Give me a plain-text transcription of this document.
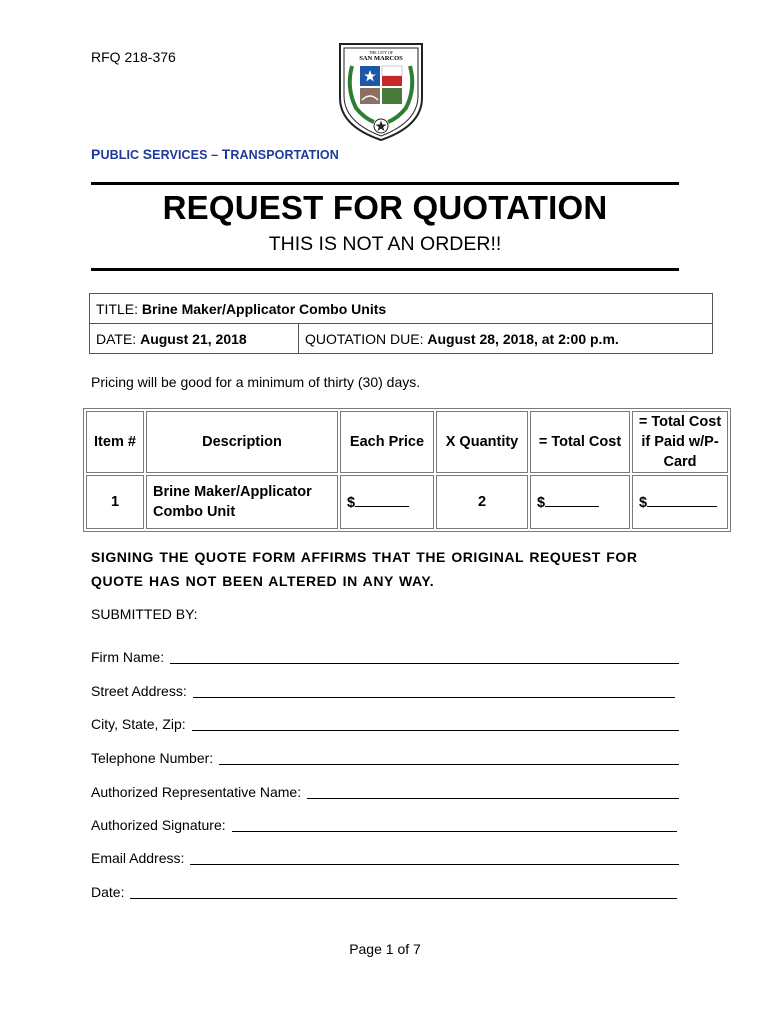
RFQ 218-376	THE CITY OF
SAN MARCOS
PUBLIC SERVICES – TRANSPORTATION
REQUEST FOR QUOTATION
THIS IS NOT AN ORDER!!
TITLE: Brine Maker/Applicator Combo Units
DATE: August 21, 2018	QUOTATION DUE: August 28, 2018, at 2:00 p.m.
Pricing will be good for a minimum of thirty (30) days.
Item #	Description	Each Price	X Quantity	= Total Cost	= Total Cost
if Paid w/P-
Card

1	Brine Maker/Applicator
Combo Unit	$	2	$	$
SIGNING THE QUOTE FORM AFFIRMS THAT THE ORIGINAL REQUEST FOR QUOTE HAS NOT BEEN ALTERED IN ANY WAY.
SUBMITTED BY:
Firm Name:
Street Address:
City, State, Zip:
Telephone Number:
Authorized Representative Name:
Authorized Signature:
Email Address:
Date:
Page 1 of 7
